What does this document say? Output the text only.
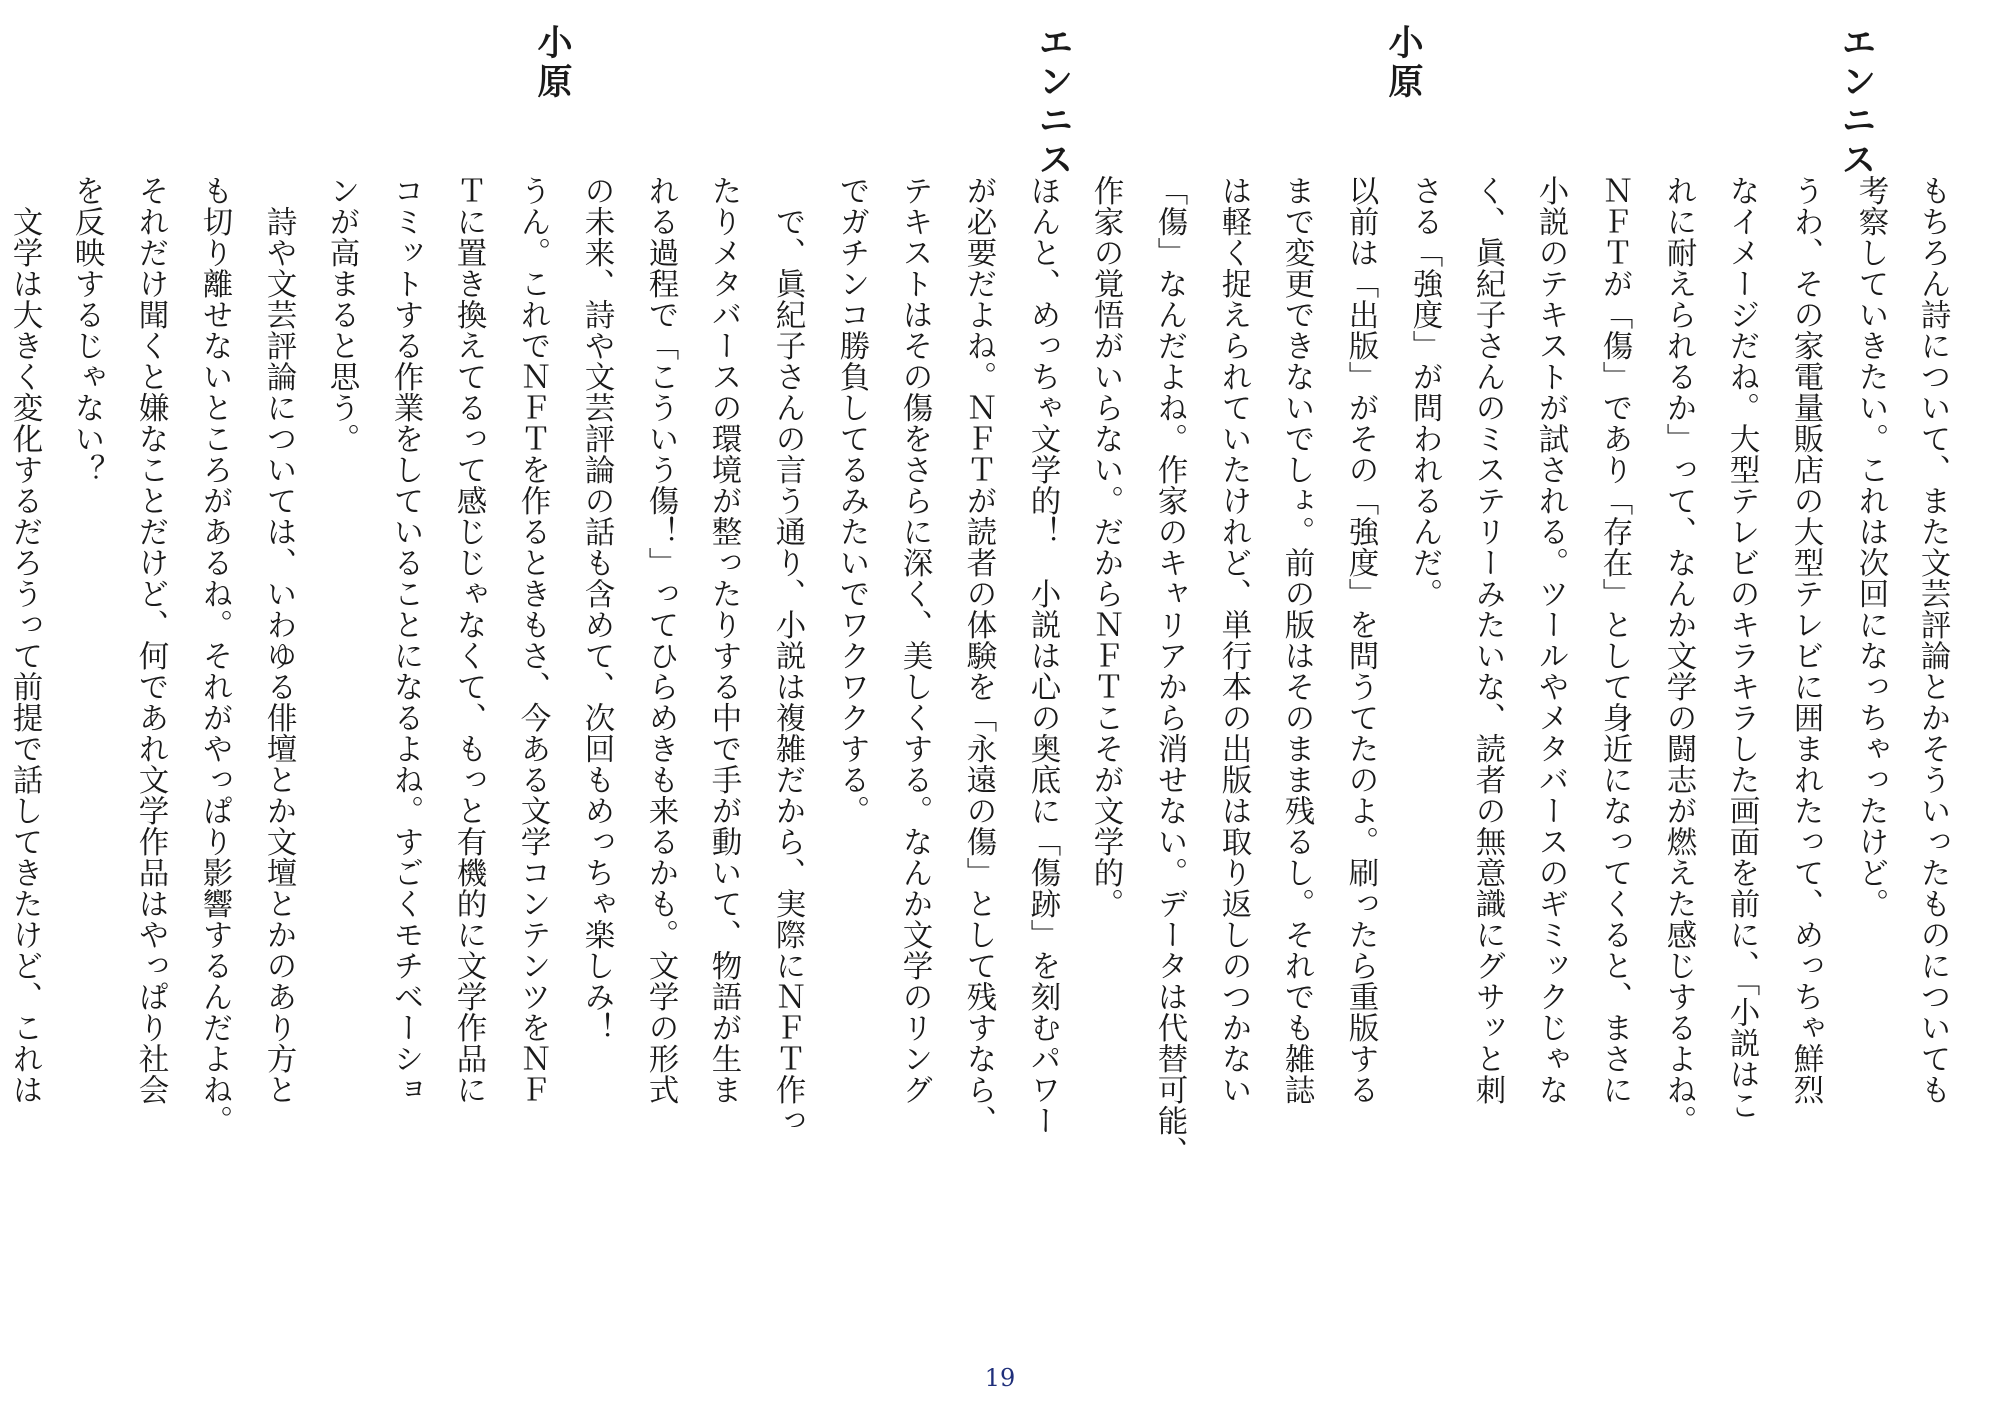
エンニス
小原
エンニス
小原
もちろん詩について、また文芸評論とかそういったものについても
考察していきたい。これは次回になっちゃったけど。
うわ、その家電量販店の大型テレビに囲まれたって、めっちゃ鮮烈
なイメージだね。大型テレビのキラキラした画面を前に、「小説はこ
れに耐えられるか」って、なんか文学の闘志が燃えた感じするよね。
ＮＦＴが「傷」であり「存在」として身近になってくると、まさに
小説のテキストが試される。ツールやメタバースのギミックじゃな
く、眞紀子さんのミステリーみたいな、読者の無意識にグサッと刺
さる「強度」が問われるんだ。
以前は「出版」がその「強度」を問うてたのよ。刷ったら重版する
まで変更できないでしょ。前の版はそのまま残るし。それでも雑誌
は軽く捉えられていたけれど、単行本の出版は取り返しのつかない
「傷」なんだよね。作家のキャリアから消せない。データは代替可能、
作家の覚悟がいらない。だからＮＦＴこそが文学的。
ほんと、めっちゃ文学的！　小説は心の奥底に「傷跡」を刻むパワー
が必要だよね。ＮＦＴが読者の体験を「永遠の傷」として残すなら、
テキストはその傷をさらに深く、美しくする。なんか文学のリング
でガチンコ勝負してるみたいでワクワクする。
　で、眞紀子さんの言う通り、小説は複雑だから、実際にＮＦＴ作っ
たりメタバースの環境が整ったりする中で手が動いて、物語が生ま
れる過程で「こういう傷！」ってひらめきも来るかも。文学の形式
の未来、詩や文芸評論の話も含めて、次回もめっちゃ楽しみ！
うん。これでＮＦＴを作るときもさ、今ある文学コンテンツをＮＦ
Ｔに置き換えてるって感じじゃなくて、もっと有機的に文学作品に
コミットする作業をしていることになるよね。すごくモチベーショ
ンが高まると思う。
　詩や文芸評論については、いわゆる俳壇とか文壇とかのあり方と
も切り離せないところがあるね。それがやっぱり影響するんだよね。
それだけ聞くと嫌なことだけど、何であれ文学作品はやっぱり社会
を反映するじゃない？
　文学は大きく変化するだろうって前提で話してきたけど、これは
19
